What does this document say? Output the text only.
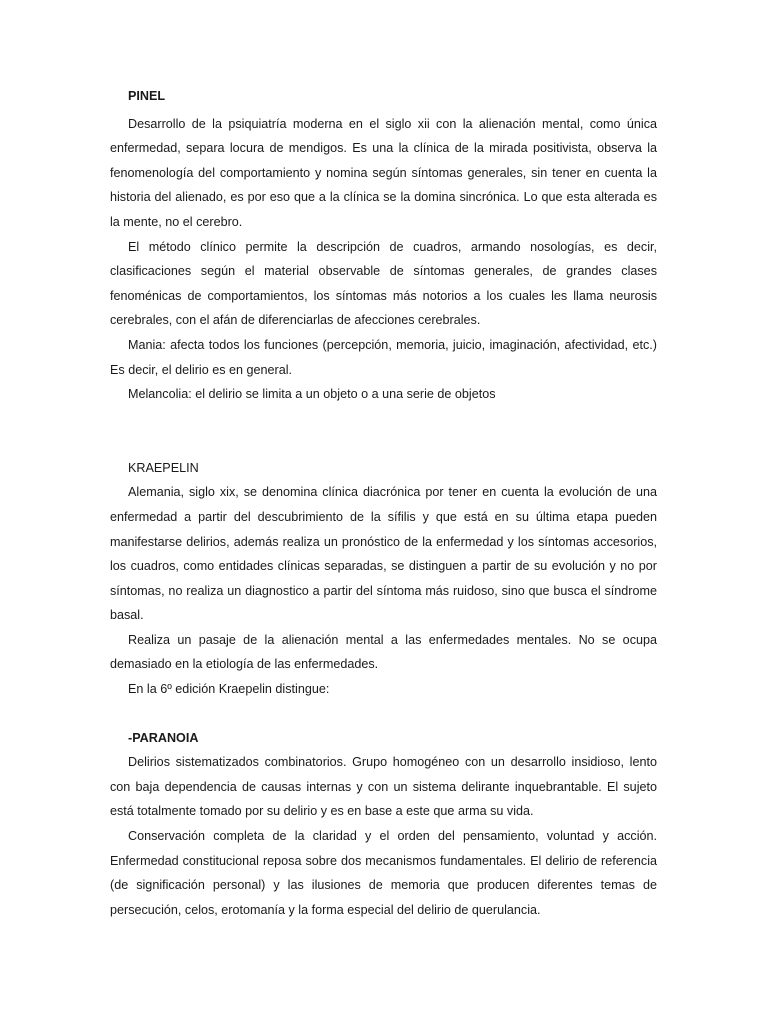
PINEL

Desarrollo de la psiquiatría moderna en el siglo xii con la alienación mental, como única enfermedad, separa locura de mendigos. Es una la clínica de la mirada positivista, observa la fenomenología del comportamiento y nomina según síntomas generales, sin tener en cuenta la historia del alienado, es por eso que a la clínica se la domina sincrónica. Lo que esta alterada es la mente, no el cerebro.

El método clínico permite la descripción de cuadros, armando nosologías, es decir, clasificaciones según el material observable de síntomas generales, de grandes clases fenoménicas de comportamientos, los síntomas más notorios a los cuales les llama neurosis cerebrales, con el afán de diferenciarlas de afecciones cerebrales.

Mania: afecta todos los funciones (percepción, memoria, juicio, imaginación, afectividad, etc.) Es decir, el delirio es en general.

Melancolia: el delirio se limita a un objeto o a una serie de objetos

KRAEPELIN

Alemania, siglo xix, se denomina clínica diacrónica por tener en cuenta la evolución de una enfermedad a partir del descubrimiento de la sífilis y que está en su última etapa pueden manifestarse delirios, además realiza un pronóstico de la enfermedad y los síntomas accesorios, los cuadros, como entidades clínicas separadas, se distinguen a partir de su evolución y no por síntomas, no realiza un diagnostico a partir del síntoma más ruidoso, sino que busca el síndrome basal.

Realiza un pasaje de la alienación mental a las enfermedades mentales. No se ocupa demasiado en la etiología de las enfermedades.

En la 6º edición Kraepelin distingue:

-PARANOIA

Delirios sistematizados combinatorios. Grupo homogéneo con un desarrollo insidioso, lento con baja dependencia de causas internas y con un sistema delirante inquebrantable. El sujeto está totalmente tomado por su delirio y es en base a este que arma su vida.

Conservación completa de la claridad y el orden del pensamiento, voluntad y acción. Enfermedad constitucional reposa sobre dos mecanismos fundamentales. El delirio de referencia (de significación personal) y las ilusiones de memoria que producen diferentes temas de persecución, celos, erotomanía y la forma especial del delirio de querulancia.
